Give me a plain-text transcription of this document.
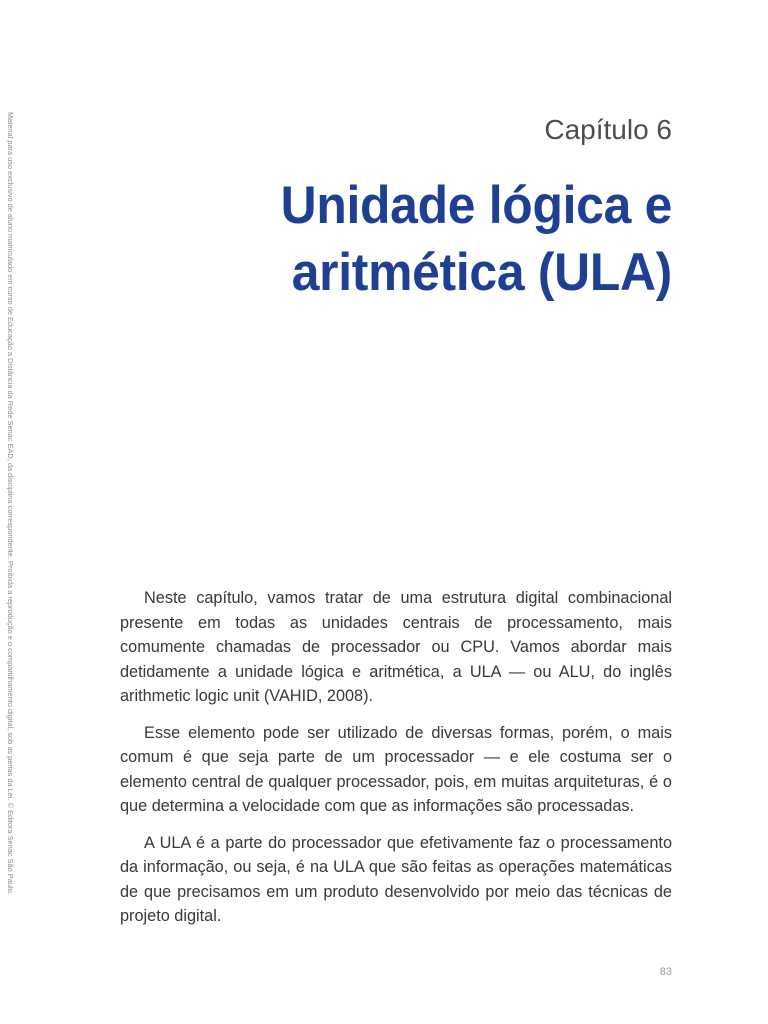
Material para uso exclusivo de aluno matriculado em curso de Educação a Distância da Rede Senac EAD, da disciplina correspondente. Proibida a reprodução e o compartilhamento digital, sob as penas da Lei. © Editora Senac São Paulo.	Capítulo 6
Unidade lógica e
aritmética (ULA)

Neste capítulo, vamos tratar de uma estrutura digital combinacional presente em todas as unidades centrais de processamento, mais comumente chamadas de processador ou CPU. Vamos abordar mais detidamente a unidade lógica e aritmética, a ULA — ou ALU, do inglês arithmetic logic unit (VAHID, 2008).

Esse elemento pode ser utilizado de diversas formas, porém, o mais comum é que seja parte de um processador — e ele costuma ser o elemento central de qualquer processador, pois, em muitas arquiteturas, é o que determina a velocidade com que as informações são processadas.

A ULA é a parte do processador que efetivamente faz o processamento da informação, ou seja, é na ULA que são feitas as operações matemáticas de que precisamos em um produto desenvolvido por meio das técnicas de projeto digital.

83
